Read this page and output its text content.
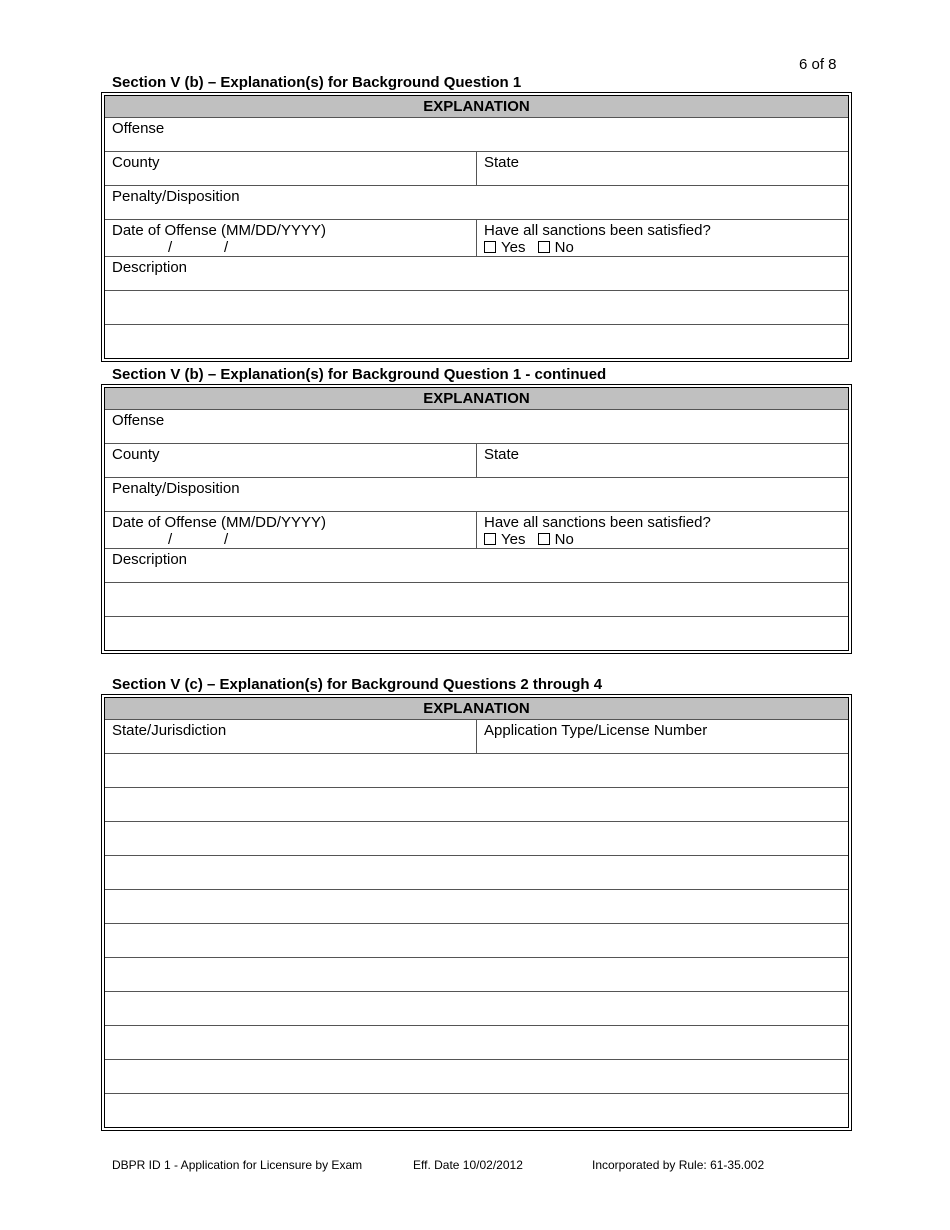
6 of 8
Section V (b) – Explanation(s) for Background Question 1
EXPLANATION	
Offense	
County	State
Penalty/Disposition	
Date of Offense (MM/DD/YYYY)
/ /	Have all sanctions been satisfied?
Yes No
Description	

Section V (b) – Explanation(s) for Background Question 1 - continued
EXPLANATION	
Offense	
County	State
Penalty/Disposition	
Date of Offense (MM/DD/YYYY)
/ /	Have all sanctions been satisfied?
Yes No
Description	

Section V (c) – Explanation(s) for Background Questions 2 through 4
EXPLANATION
State/Jurisdiction	Application Type/License Number

DBPR ID 1 - Application for Licensure by Exam	Eff. Date 10/02/2012	Incorporated by Rule: 61-35.002
